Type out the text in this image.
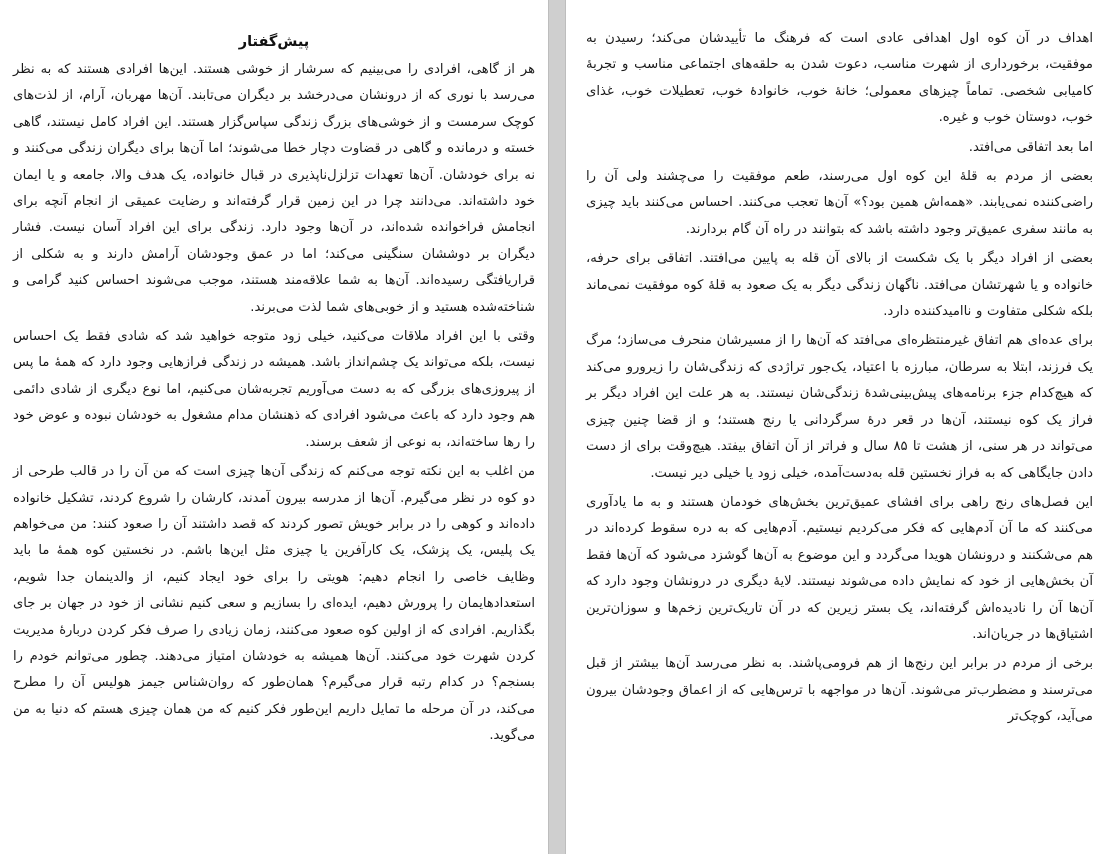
پیش‌گفتار

هر از گاهی، افرادی را می‌بینیم که سرشار از خوشی هستند. این‌ها افرادی هستند که به نظر می‌رسد با نوری که از درونشان می‌درخشد بر دیگران می‌تابند. آن‌ها مهربان، آرام، از لذت‌های کوچک سرمست و از خوشی‌های بزرگ زندگی سپاس‌گزار هستند. این افراد کامل نیستند، گاهی خسته و درمانده و گاهی در قضاوت دچار خطا می‌شوند؛ اما آن‌ها برای دیگران زندگی می‌کنند و نه برای خودشان. آن‌ها تعهدات تزلزل‌ناپذیری در قبال خانواده، یک هدف والا، جامعه و یا ایمان خود داشته‌اند. می‌دانند چرا در این زمین قرار گرفته‌اند و رضایت عمیقی از انجام آنچه برای انجامش فراخوانده شده‌اند، در آن‌ها وجود دارد. زندگی برای این افراد آسان نیست. فشار دیگران بر دوششان سنگینی می‌کند؛ اما در عمق وجودشان آرامش دارند و به شکلی از قراریافتگی رسیده‌اند. آن‌ها به شما علاقه‌مند هستند، موجب می‌شوند احساس کنید گرامی و شناخته‌شده هستید و از خوبی‌های شما لذت می‌برند.

وقتی با این افراد ملاقات می‌کنید، خیلی زود متوجه خواهید شد که شادی فقط یک احساس نیست، بلکه می‌تواند یک چشم‌انداز باشد. همیشه در زندگی فرازهایی وجود دارد که همهٔ ما پس از پیروزی‌های بزرگی که به دست می‌آوریم تجربه‌شان می‌کنیم، اما نوع دیگری از شادی دائمی هم وجود دارد که باعث می‌شود افرادی که ذهنشان مدام مشغول به خودشان نبوده و عوض خود را رها ساخته‌اند، به نوعی از شعف برسند.

من اغلب به این نکته توجه می‌کنم که زندگی آن‌ها چیزی است که من آن را در قالب طرحی از دو کوه در نظر می‌گیرم. آن‌ها از مدرسه بیرون آمدند، کارشان را شروع کردند، تشکیل خانواده داده‌اند و کوهی را در برابر خویش تصور کردند که قصد داشتند آن را صعود کنند: من می‌خواهم یک پلیس، یک پزشک، یک کارآفرین یا چیزی مثل این‌ها باشم. در نخستین کوه همهٔ ما باید وظایف خاصی را انجام دهیم: هویتی را برای خود ایجاد کنیم، از والدینمان جدا شویم، استعدادهایمان را پرورش دهیم، ایده‌ای را بسازیم و سعی کنیم نشانی از خود در جهان بر جای بگذاریم. افرادی که از اولین کوه صعود می‌کنند، زمان زیادی را صرف فکر کردن دربارهٔ مدیریت کردن شهرت خود می‌کنند. آن‌ها همیشه به خودشان امتیاز می‌دهند. چطور می‌توانم خودم را بسنجم؟ در کدام رتبه قرار می‌گیرم؟ همان‌طور که روان‌شناس جیمز هولیس آن را مطرح می‌کند، در آن مرحله ما تمایل داریم این‌طور فکر کنیم که من همان چیزی هستم که دنیا به من می‌گوید.

اهداف در آن کوه اول اهدافی عادی است که فرهنگ ما تأییدشان می‌کند؛ رسیدن به موفقیت، برخورداری از شهرت مناسب، دعوت شدن به حلقه‌های اجتماعی مناسب و تجربهٔ کامیابی شخصی. تماماً چیزهای معمولی؛ خانهٔ خوب، خانوادهٔ خوب، تعطیلات خوب، غذای خوب، دوستان خوب و غیره.

اما بعد اتفاقی می‌افتد.

بعضی از مردم به قلهٔ این کوه اول می‌رسند، طعم موفقیت را می‌چشند ولی آن را راضی‌کننده نمی‌یابند. «همه‌اش همین بود؟» آن‌ها تعجب می‌کنند. احساس می‌کنند باید چیزی به مانند سفری عمیق‌تر وجود داشته باشد که بتوانند در راه آن گام بردارند.

بعضی از افراد دیگر با یک شکست از بالای آن قله به پایین می‌افتند. اتفاقی برای حرفه، خانواده و یا شهرتشان می‌افتد. ناگهان زندگی دیگر به یک صعود به قلهٔ کوه موفقیت نمی‌ماند بلکه شکلی متفاوت و ناامیدکننده دارد.

برای عده‌ای هم اتفاق غیرمنتظره‌ای می‌افتد که آن‌ها را از مسیرشان منحرف می‌سازد؛ مرگ یک فرزند، ابتلا به سرطان، مبارزه با اعتیاد، یک‌جور تراژدی که زندگی‌شان را زیرورو می‌کند که هیچ‌کدام جزء برنامه‌های پیش‌بینی‌شدهٔ زندگی‌شان نیستند. به هر علت این افراد دیگر بر فراز یک کوه نیستند، آن‌ها در قعر درهٔ سرگردانی یا رنج هستند؛ و از قضا چنین چیزی می‌تواند در هر سنی، از هشت تا ۸۵ سال و فراتر از آن اتفاق بیفتد. هیچ‌وقت برای از دست دادن جایگاهی که به فراز نخستین قله به‌دست‌آمده، خیلی زود یا خیلی دیر نیست.

این فصل‌های رنج راهی برای افشای عمیق‌ترین بخش‌های خودمان هستند و به ما یادآوری می‌کنند که ما آن آدم‌هایی که فکر می‌کردیم نیستیم. آدم‌هایی که به دره سقوط کرده‌اند در هم می‌شکنند و درونشان هویدا می‌گردد و این موضوع به آن‌ها گوشزد می‌شود که آن‌ها فقط آن بخش‌هایی از خود که نمایش داده می‌شوند نیستند. لایهٔ دیگری در درونشان وجود دارد که آن‌ها آن را نادیده‌اش گرفته‌اند، یک بستر زیرین که در آن تاریک‌ترین زخم‌ها و سوزان‌ترین اشتیاق‌ها در جریان‌اند.

برخی از مردم در برابر این رنج‌ها از هم فرومی‌پاشند. به نظر می‌رسد آن‌ها بیشتر از قبل می‌ترسند و مضطرب‌تر می‌شوند. آن‌ها در مواجهه با ترس‌هایی که از اعماق وجودشان بیرون می‌آید، کوچک‌تر
